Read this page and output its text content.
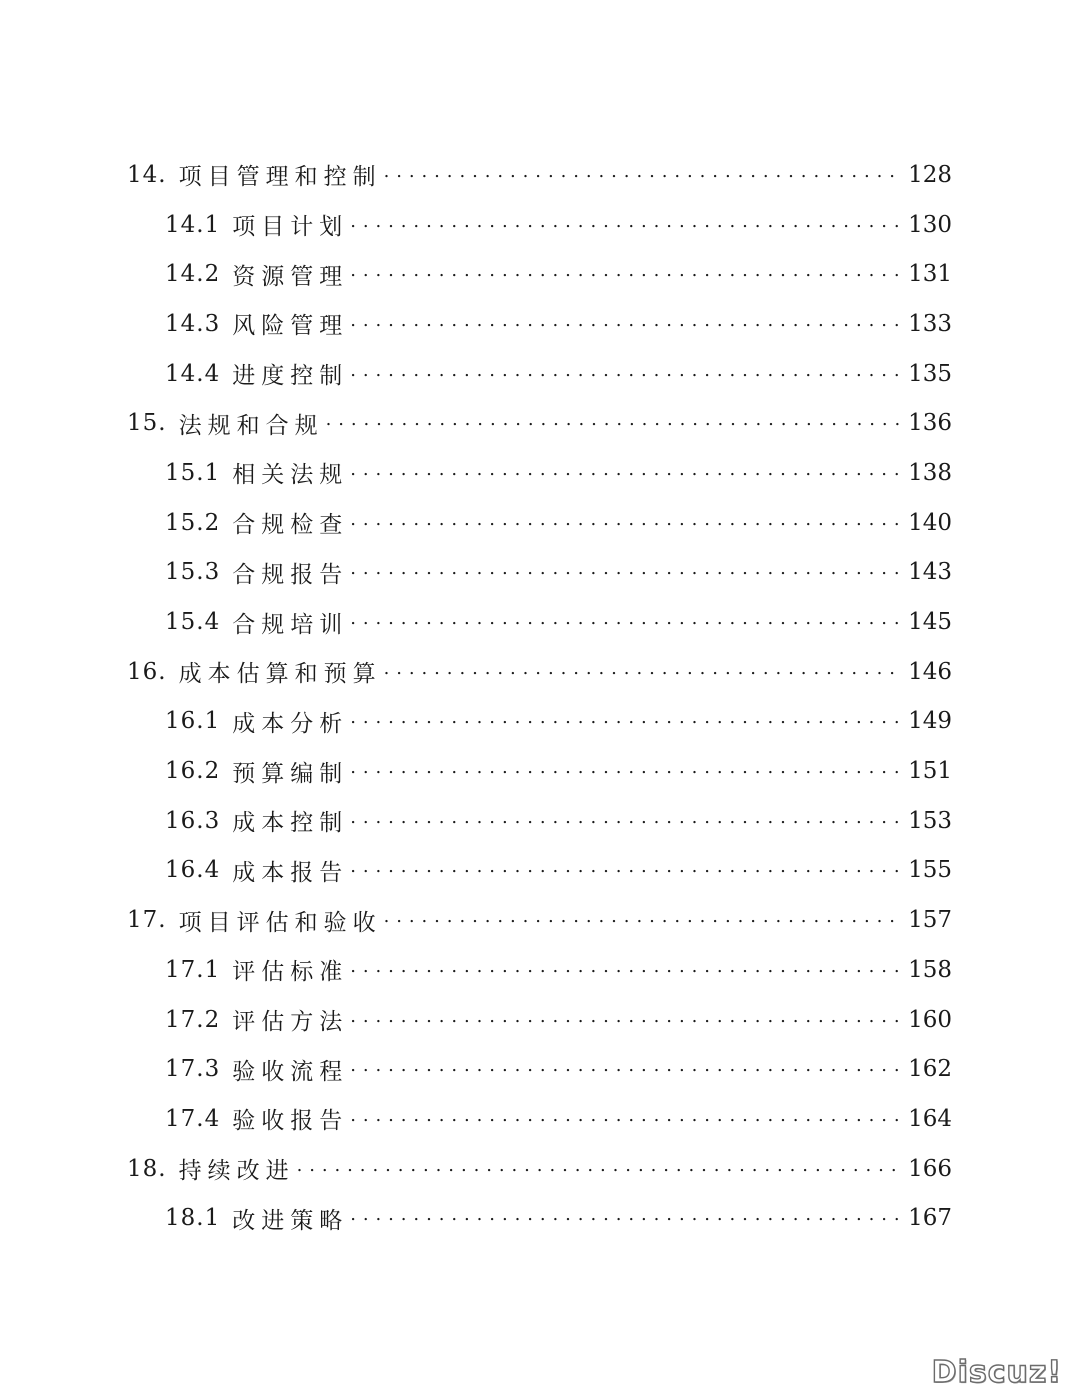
14. 项目管理和控制 . . .	128
14.1 项目计划 . . .	130
14.2 资源管理 . . .	131
14.3 风险管理 . . .	133
14.4 进度控制 . . .	135
15. 法规和合规 . . .	136
15.1 相关法规 . . .	138
15.2 合规检查 . . .	140
15.3 合规报告 . . .	143
15.4 合规培训 . . .	145
16. 成本估算和预算 . . .	146
16.1 成本分析 . . .	149
16.2 预算编制 . . .	151
16.3 成本控制 . . .	153
16.4 成本报告 . . .	155
17. 项目评估和验收 . . .	157
17.1 评估标准 . . .	158
17.2 评估方法 . . .	160
17.3 验收流程 . . .	162
17.4 验收报告 . . .	164
18. 持续改进 . . .	166
18.1 改进策略 . . .	167
Discuz!
